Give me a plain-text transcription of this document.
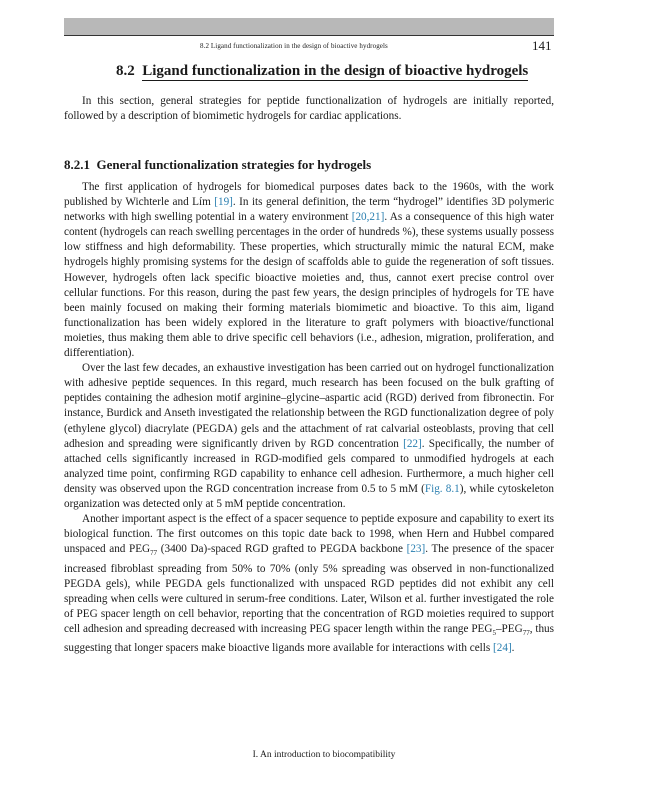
8.2 Ligand functionalization in the design of bioactive hydrogels	141
8.2 Ligand functionalization in the design of bioactive hydrogels

In this section, general strategies for peptide functionalization of hydrogels are initially reported, followed by a description of biomimetic hydrogels for cardiac applications.

8.2.1 General functionalization strategies for hydrogels

The first application of hydrogels for biomedical purposes dates back to the 1960s, with the work published by Wichterle and Lím [19]. In its general definition, the term “hydrogel” identifies 3D polymeric networks with high swelling potential in a watery environment [20,21]. As a consequence of this high water content (hydrogels can reach swelling percentages in the order of hundreds %), these systems usually possess low stiffness and high deformability. These properties, which structurally mimic the natural ECM, make hydrogels highly promising systems for the design of scaffolds able to guide the regeneration of soft tissues. However, hydrogels often lack specific bioactive moieties and, thus, cannot exert precise control over cellular functions. For this reason, during the past few years, the design principles of hydrogels for TE have been mainly focused on making their forming materials biomimetic and bioactive. To this aim, ligand functionalization has been widely explored in the literature to graft polymers with bioactive/functional moieties, thus making them able to drive specific cell behaviors (i.e., adhesion, migration, proliferation, and differentiation).

Over the last few decades, an exhaustive investigation has been carried out on hydrogel functionalization with adhesive peptide sequences. In this regard, much research has been focused on the bulk grafting of peptides containing the adhesion motif arginine–glycine–aspartic acid (RGD) derived from fibronectin. For instance, Burdick and Anseth investigated the relationship between the RGD functionalization degree of poly (ethylene glycol) diacrylate (PEGDA) gels and the attachment of rat calvarial osteoblasts, proving that cell adhesion and spreading were significantly driven by RGD concentration [22]. Specifically, the number of attached cells significantly increased in RGD-modified gels compared to unmodified hydrogels at each analyzed time point, confirming RGD capability to enhance cell adhesion. Furthermore, a much higher cell density was observed upon the RGD concentration increase from 0.5 to 5 mM (Fig. 8.1), while cytoskeleton organization was detected only at 5 mM peptide concentration.

Another important aspect is the effect of a spacer sequence to peptide exposure and capability to exert its biological function. The first outcomes on this topic date back to 1998, when Hern and Hubbel compared unspaced and $PEG_{77}$ (3400 Da)-spaced RGD grafted to PEGDA backbone [23]. The presence of the spacer increased fibroblast spreading from 50% to 70% (only 5% spreading was observed in non-functionalized PEGDA gels), while PEGDA gels functionalized with unspaced RGD peptides did not exhibit any cell spreading when cells were cultured in serum-free conditions. Later, Wilson et al. further investigated the role of PEG spacer length on cell behavior, reporting that the concentration of RGD moieties required to support cell adhesion and spreading decreased with increasing PEG spacer length within the range $PEG_5-PEG_{77}$, thus suggesting that longer spacers make bioactive ligands more available for interactions with cells [24].

I. An introduction to biocompatibility
